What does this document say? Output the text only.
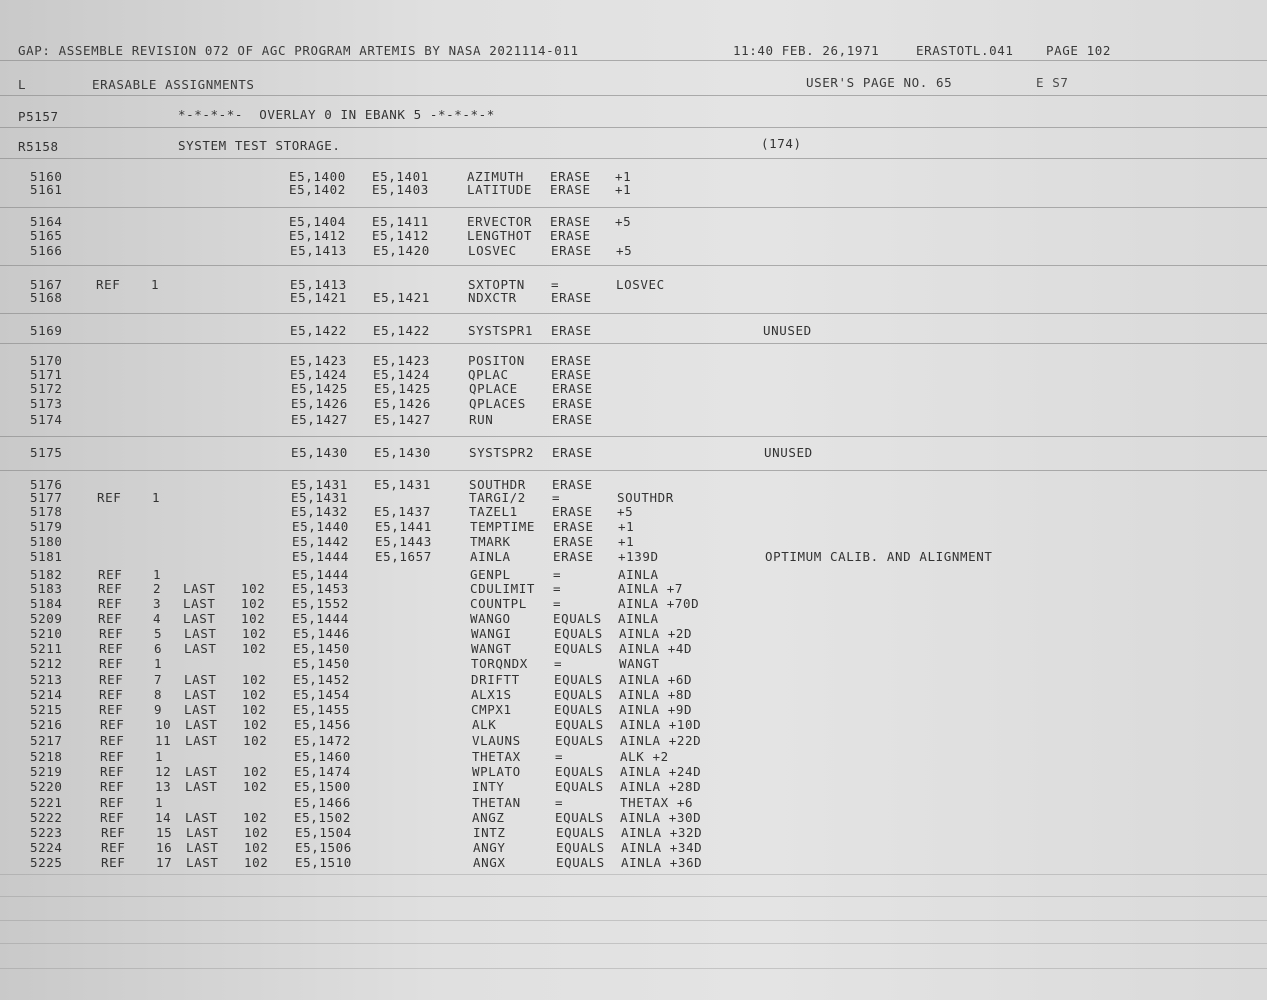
GAP: ASSEMBLE REVISION 072 OF AGC PROGRAM ARTEMIS BY NASA 2021114-011	11:40 FEB. 26,1971	ERASTOTL.041	PAGE 102
L	ERASABLE ASSIGNMENTS	USER'S PAGE NO. 65	E S7
P5157	*-*-*-*-  OVERLAY 0 IN EBANK 5 -*-*-*-*
R5158	SYSTEM TEST STORAGE.	(174)
5160	E5,1400 E5,1401	AZIMUTH ERASE +1
5161	E5,1402 E5,1403	LATITUDE ERASE +1
5164	E5,1404 E5,1411	ERVECTOR ERASE +5
5165	E5,1412 E5,1412	LENGTHOT ERASE
5166	E5,1413 E5,1420	LOSVEC	ERASE +5
5167	REF 1	E5,1413	SXTOPTN =	LOSVEC
5168	E5,1421 E5,1421	NDXCTR	ERASE
5169	E5,1422 E5,1422	SYSTSPR1 ERASE	UNUSED
5170	E5,1423 E5,1423	POSITON ERASE
5171	E5,1424 E5,1424	QPLAC	ERASE
5172	E5,1425 E5,1425	QPLACE	ERASE
5173	E5,1426 E5,1426	QPLACES ERASE
5174	E5,1427 E5,1427	RUN	ERASE
5175	E5,1430 E5,1430	SYSTSPR2 ERASE	UNUSED
5176	E5,1431 E5,1431	SOUTHDR ERASE
5177	REF 1	E5,1431	TARGI/2 =	SOUTHDR
5178	E5,1432 E5,1437	TAZEL1	ERASE +5
5179	E5,1440 E5,1441	TEMPTIME ERASE +1
5180	E5,1442 E5,1443	TMARK	ERASE +1
5181	E5,1444 E5,1657	AINLA	ERASE +139D	OPTIMUM CALIB. AND ALIGNMENT
5182	REF 1	E5,1444	GENPL	=	AINLA
5183	REF 2 LAST 102 E5,1453	CDULIMIT =	AINLA +7
5184	REF 3 LAST 102 E5,1552	COUNTPL =	AINLA +70D
5209	REF 4 LAST 102 E5,1444	WANGO	EQUALS AINLA
5210	REF 5 LAST 102 E5,1446	WANGI	EQUALS AINLA +2D
5211	REF 6 LAST 102 E5,1450	WANGT	EQUALS AINLA +4D
5212	REF 1	E5,1450	TORQNDX =	WANGT
5213	REF 7 LAST 102 E5,1452	DRIFTT	EQUALS AINLA +6D
5214	REF 8 LAST 102 E5,1454	ALX1S	EQUALS AINLA +8D
5215	REF 9 LAST 102 E5,1455	CMPX1	EQUALS AINLA +9D
5216	REF 10 LAST 102 E5,1456	ALK	EQUALS AINLA +10D
5217	REF 11 LAST 102 E5,1472	VLAUNS	EQUALS AINLA +22D
5218	REF 1	E5,1460	THETAX	=	ALK +2
5219	REF 12 LAST 102 E5,1474	WPLATO	EQUALS AINLA +24D
5220	REF 13 LAST 102 E5,1500	INTY	EQUALS AINLA +28D
5221	REF 1	E5,1466	THETAN	=	THETAX +6
5222	REF 14 LAST 102 E5,1502	ANGZ	EQUALS AINLA +30D
5223	REF 15 LAST 102 E5,1504	INTZ	EQUALS AINLA +32D
5224	REF 16 LAST 102 E5,1506	ANGY	EQUALS AINLA +34D
5225	REF 17 LAST 102 E5,1510	ANGX	EQUALS AINLA +36D
